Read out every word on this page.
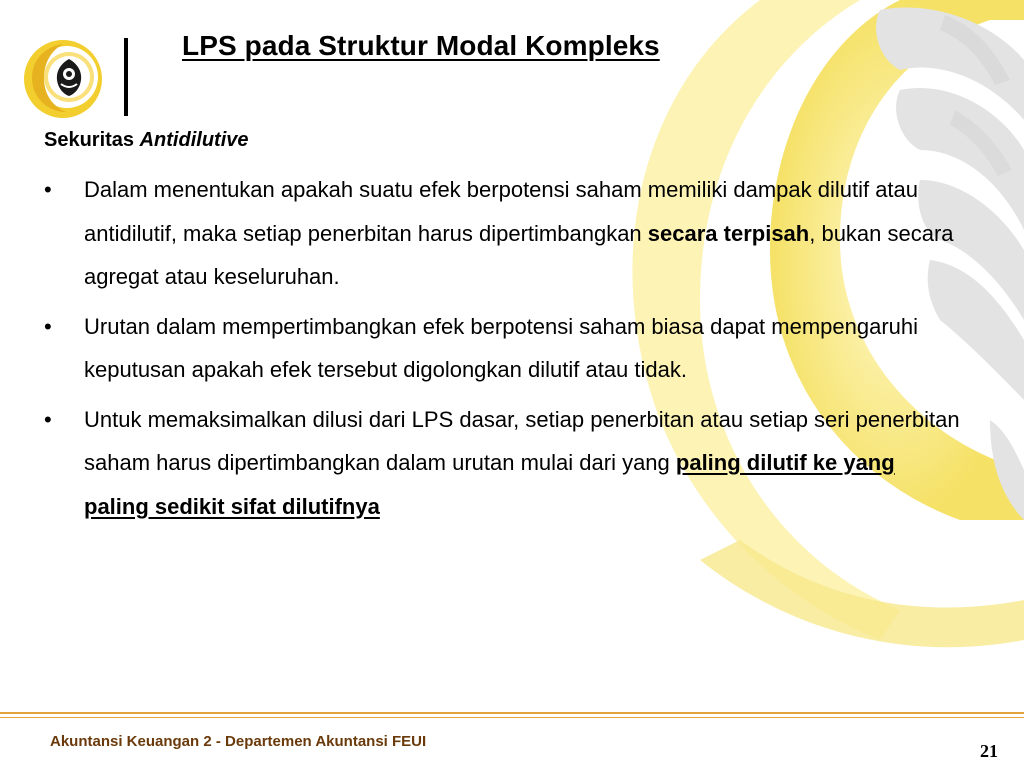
LPS pada Struktur Modal Kompleks

Sekuritas Antidilutive

• Dalam menentukan apakah suatu efek berpotensi saham memiliki dampak dilutif atau antidilutif, maka setiap penerbitan harus dipertimbangkan secara terpisah, bukan secara agregat atau keseluruhan.
• Urutan dalam mempertimbangkan efek berpotensi saham biasa dapat mempengaruhi keputusan apakah efek tersebut digolongkan dilutif atau tidak.
• Untuk memaksimalkan dilusi dari LPS dasar, setiap penerbitan atau setiap seri penerbitan saham harus dipertimbangkan dalam urutan mulai dari yang paling dilutif ke yang paling sedikit sifat dilutifnya
Akuntansi Keuangan 2 - Departemen Akuntansi FEUI	21
